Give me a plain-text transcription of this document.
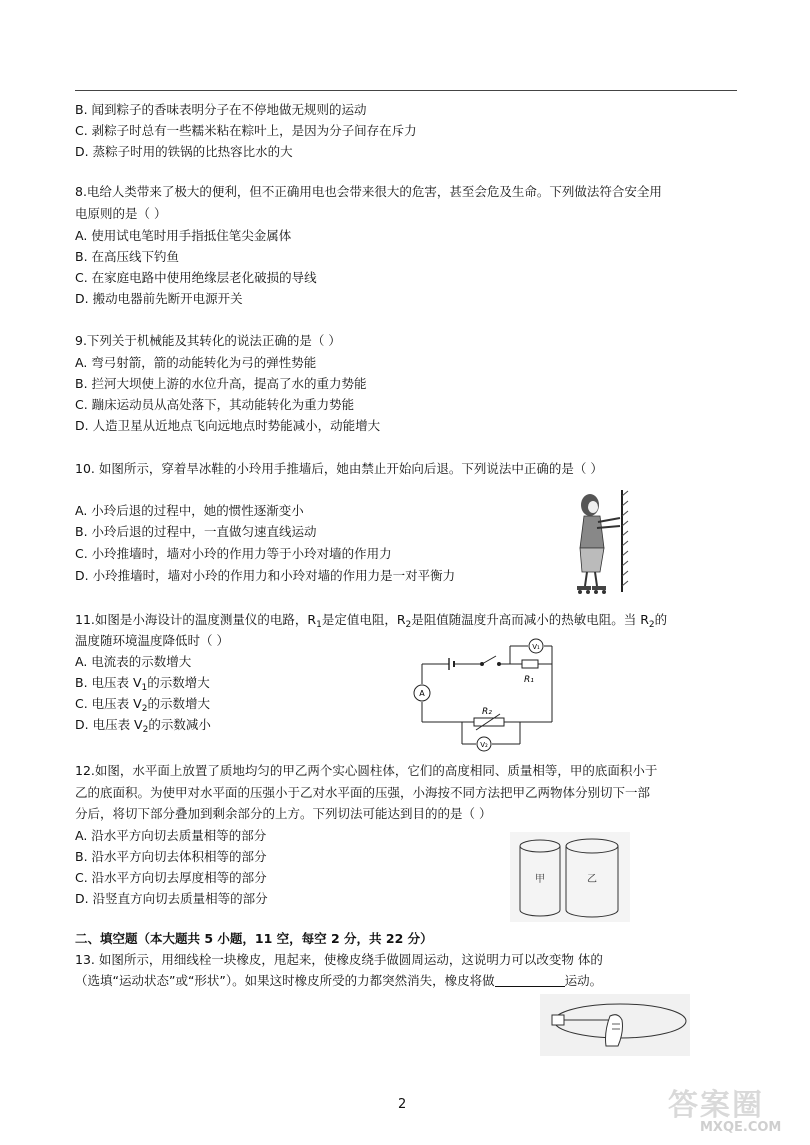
B. 闻到粽子的香味表明分子在不停地做无规则的运动
C. 剥粽子时总有一些糯米粘在粽叶上，是因为分子间存在斥力
D. 蒸粽子时用的铁锅的比热容比水的大
8.电给人类带来了极大的便利，但不正确用电也会带来很大的危害，甚至会危及生命。下列做法符合安全用
电原则的是（ ）
A. 使用试电笔时用手指抵住笔尖金属体
B. 在高压线下钓鱼
C. 在家庭电路中使用绝缘层老化破损的导线
D. 搬动电器前先断开电源开关
9.下列关于机械能及其转化的说法正确的是（ ）
A. 弯弓射箭，箭的动能转化为弓的弹性势能
B. 拦河大坝使上游的水位升高，提高了水的重力势能
C. 蹦床运动员从高处落下，其动能转化为重力势能
D. 人造卫星从近地点飞向远地点时势能减小，动能增大
10. 如图所示，穿着旱冰鞋的小玲用手推墙后，她由禁止开始向后退。下列说法中正确的是（ ）
A. 小玲后退的过程中，她的惯性逐渐变小
B. 小玲后退的过程中，一直做匀速直线运动
C. 小玲推墙时，墙对小玲的作用力等于小玲对墙的作用力
D. 小玲推墙时，墙对小玲的作用力和小玲对墙的作用力是一对平衡力
11.如图是小海设计的温度测量仪的电路，$R_1$是定值电阻，$R_2$是阻值随温度升高而减小的热敏电阻。当 $R_2$的
温度随环境温度降低时（ ）
A. 电流表的示数增大
B. 电压表 $V_1$的示数增大
C. 电压表 $V_2$的示数增大
D. 电压表 $V_2$的示数减小
V₁
V₂
A
R₁
R₂
12.如图，水平面上放置了质地均匀的甲乙两个实心圆柱体，它们的高度相同、质量相等，甲的底面积小于
乙的底面积。为使甲对水平面的压强小于乙对水平面的压强，小海按不同方法把甲乙两物体分别切下一部
分后，将切下部分叠加到剩余部分的上方。下列切法可能达到目的的是（ ）
A. 沿水平方向切去质量相等的部分
B. 沿水平方向切去体积相等的部分
C. 沿水平方向切去厚度相等的部分
D. 沿竖直方向切去质量相等的部分
甲	乙
二、填空题（本大题共 5 小题，11 空，每空 2 分，共 22 分）
13. 如图所示，用细线栓一块橡皮，甩起来，使橡皮绕手做圆周运动，这说明力可以改变物 体的
（选填“运动状态”或“形状”）。如果这时橡皮所受的力都突然消失，橡皮将做	运动。
2	答案圈
MXQE.COM
